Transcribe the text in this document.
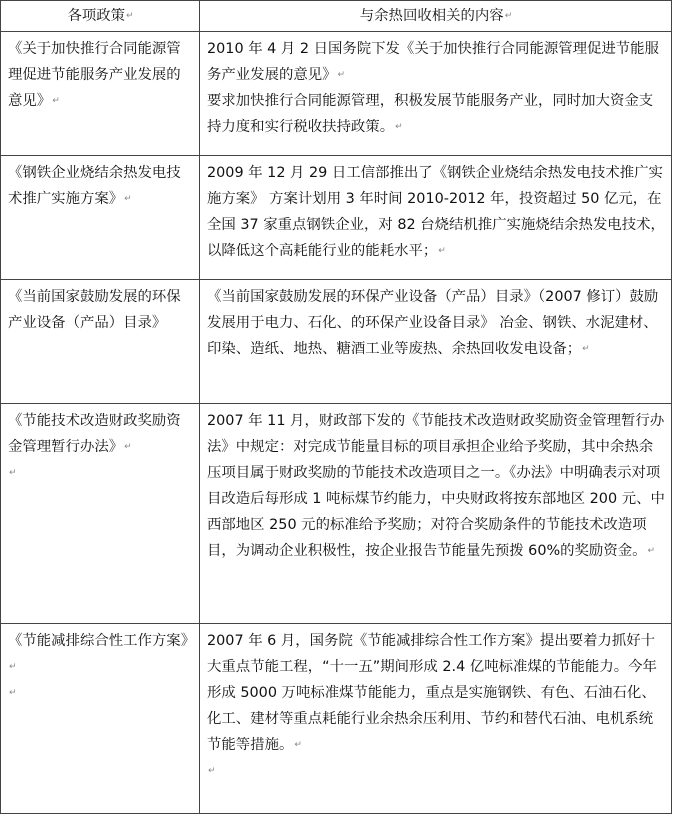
各项政策 ↵	与余热回收相关的内容 ↵

《关于加快推行合同能源管理促进节能服务产业发展的意见》 ↵	2010 年 4 月 2 日国务院下发《关于加快推行合同能源管理促进节能服务产业发展的意见》 ↵
要求加快推行合同能源管理，积极发展节能服务产业，同时加大资金支持力度和实行税收扶持政策。 ↵

《钢铁企业烧结余热发电技术推广实施方案》 ↵	2009 年 12 月 29 日工信部推出了《钢铁企业烧结余热发电技术推广实施方案》 方案计划用 3 年时间 2010-2012 年，投资超过 50 亿元，在全国 37 家重点钢铁企业，对 82 台烧结机推广实施烧结余热发电技术，以降低这个高耗能行业的能耗水平； ↵

《当前国家鼓励发展的环保产业设备（产品）目录》	《当前国家鼓励发展的环保产业设备（产品）目录》（2007 修订）鼓励发展用于电力、石化、的环保产业设备目录》 冶金、钢铁、水泥建材、印染、造纸、地热、糖酒工业等废热、余热回收发电设备； ↵

《节能技术改造财政奖励资金管理暂行办法》 ↵
↵	2007 年 11 月，财政部下发的《节能技术改造财政奖励资金管理暂行办法》中规定：对完成节能量目标的项目承担企业给予奖励，其中余热余压项目属于财政奖励的节能技术改造项目之一。《办法》中明确表示对项目改造后每形成 1 吨标煤节约能力，中央财政将按东部地区 200 元、中西部地区 250 元的标准给予奖励；对符合奖励条件的节能技术改造项目，为调动企业积极性，按企业报告节能量先预拨 60%的奖励资金。 ↵

《节能减排综合性工作方案》 ↵
↵	2007 年 6 月，国务院《节能减排综合性工作方案》提出要着力抓好十大重点节能工程，“十一五”期间形成 2.4 亿吨标准煤的节能能力。今年形成 5000 万吨标准煤节能能力，重点是实施钢铁、有色、石油石化、化工、建材等重点耗能行业余热余压利用、节约和替代石油、电机系统节能等措施。 ↵
↵
